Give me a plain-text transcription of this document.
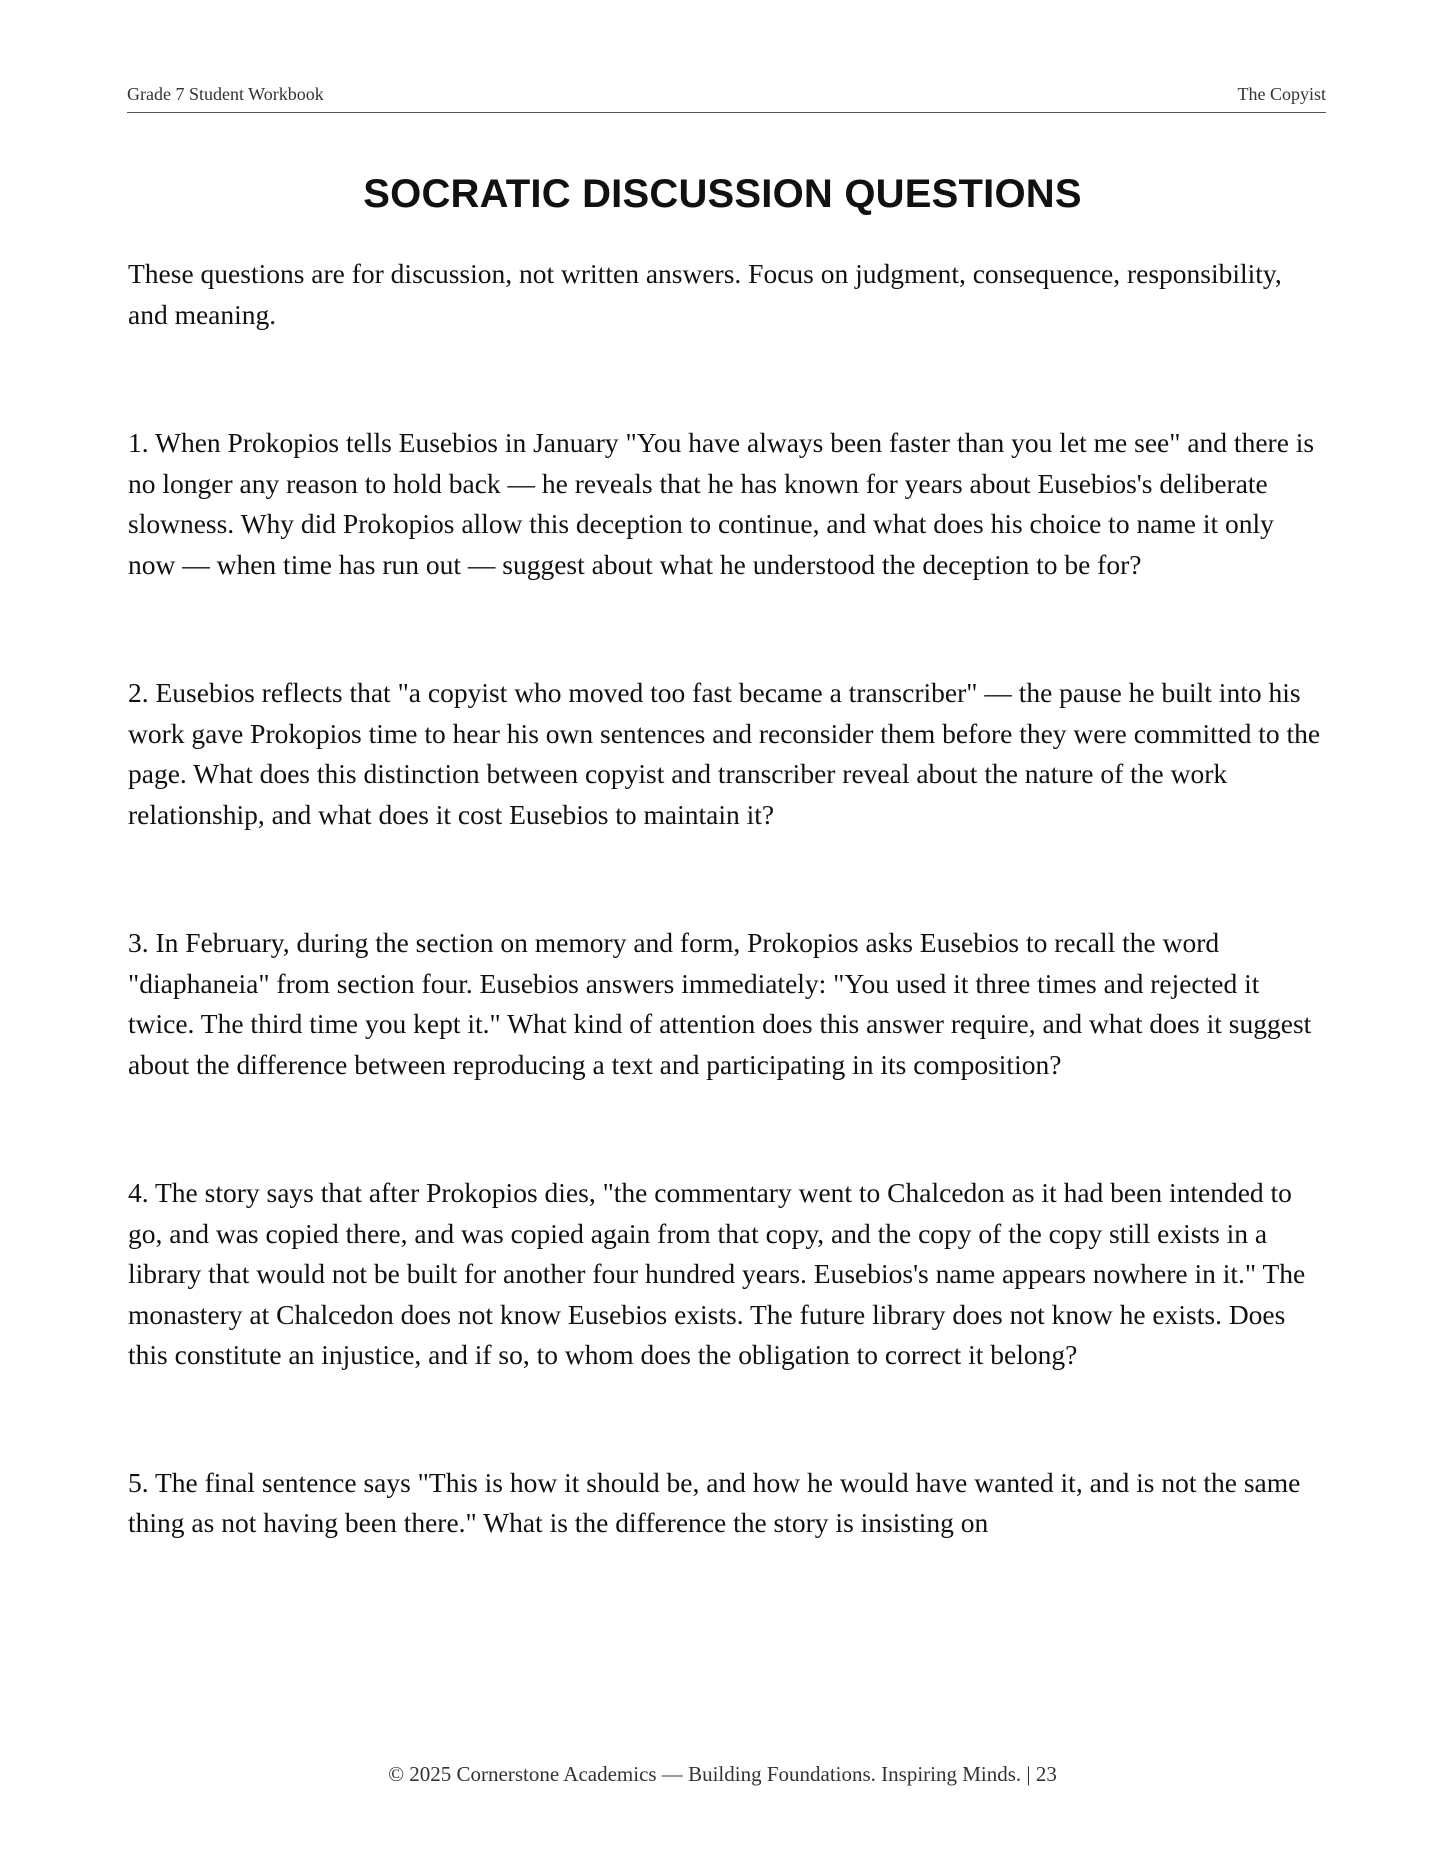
Grade 7 Student Workbook	The Copyist
SOCRATIC DISCUSSION QUESTIONS

These questions are for discussion, not written answers. Focus on judgment, consequence, responsibility, and meaning.

1. When Prokopios tells Eusebios in January "You have always been faster than you let me see" and there is no longer any reason to hold back — he reveals that he has known for years about Eusebios's deliberate slowness. Why did Prokopios allow this deception to continue, and what does his choice to name it only now — when time has run out — suggest about what he understood the deception to be for?
2. Eusebios reflects that "a copyist who moved too fast became a transcriber" — the pause he built into his work gave Prokopios time to hear his own sentences and reconsider them before they were committed to the page. What does this distinction between copyist and transcriber reveal about the nature of the work relationship, and what does it cost Eusebios to maintain it?
3. In February, during the section on memory and form, Prokopios asks Eusebios to recall the word "diaphaneia" from section four. Eusebios answers immediately: "You used it three times and rejected it twice. The third time you kept it." What kind of attention does this answer require, and what does it suggest about the difference between reproducing a text and participating in its composition?
4. The story says that after Prokopios dies, "the commentary went to Chalcedon as it had been intended to go, and was copied there, and was copied again from that copy, and the copy of the copy still exists in a library that would not be built for another four hundred years. Eusebios's name appears nowhere in it." The monastery at Chalcedon does not know Eusebios exists. The future library does not know he exists. Does this constitute an injustice, and if so, to whom does the obligation to correct it belong?
5. The final sentence says "This is how it should be, and how he would have wanted it, and is not the same thing as not having been there." What is the difference the story is insisting on
© 2025 Cornerstone Academics — Building Foundations. Inspiring Minds. | 23
